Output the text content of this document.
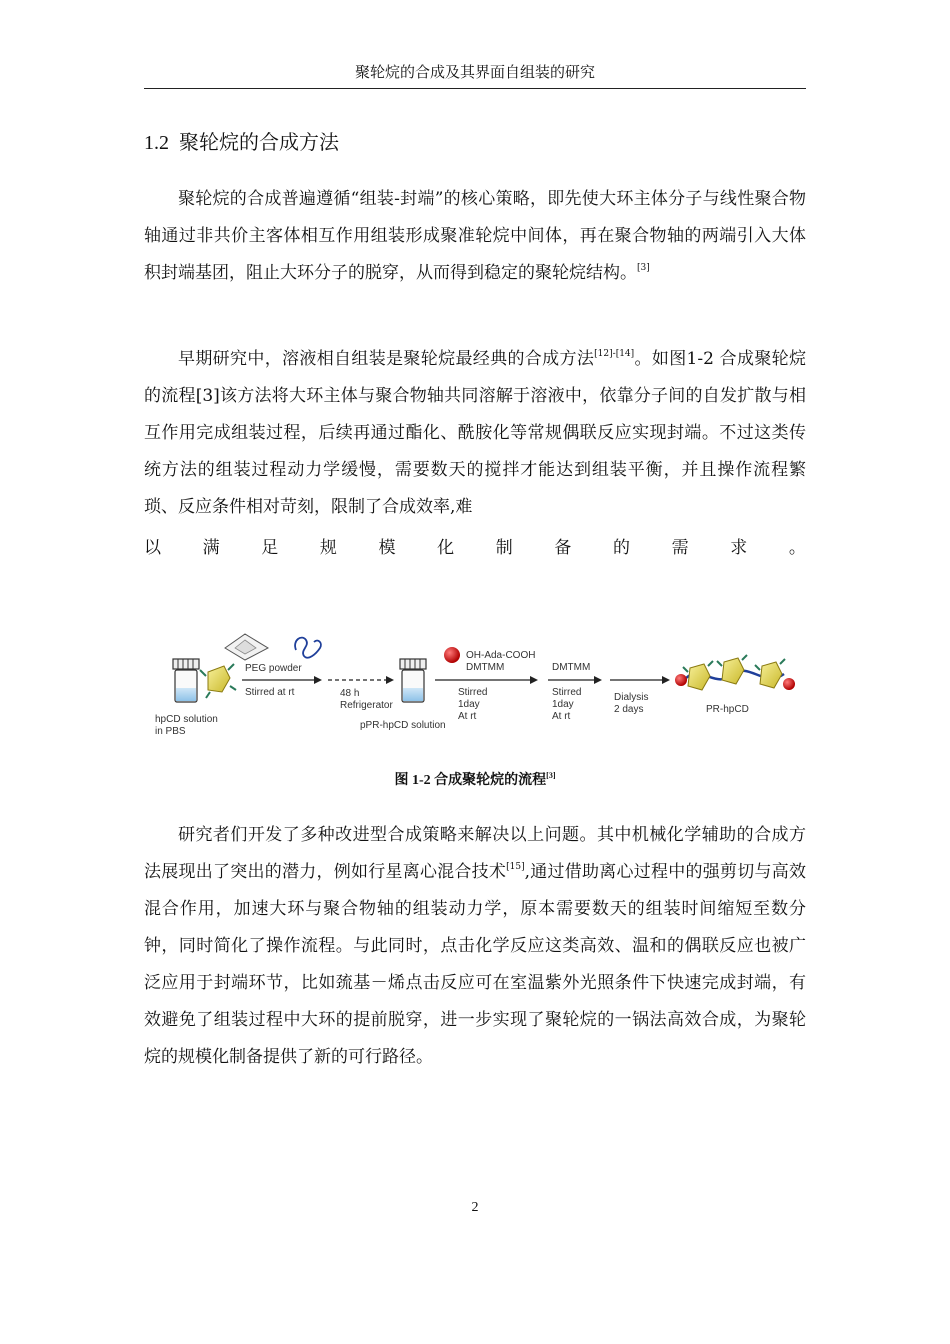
聚轮烷的合成及其界面自组装的研究
1.2 聚轮烷的合成方法

聚轮烷的合成普遍遵循“组装-封端”的核心策略，即先使大环主体分子与线性聚合物轴通过非共价主客体相互作用组装形成聚准轮烷中间体，再在聚合物轴的两端引入大体积封端基团，阻止大环分子的脱穿，从而得到稳定的聚轮烷结构。[3]

早期研究中，溶液相自组装是聚轮烷最经典的合成方法[12]-[14]。如图1-2 合成聚轮烷的流程[3]该方法将大环主体与聚合物轴共同溶解于溶液中，依靠分子间的自发扩散与相互作用完成组装过程，后续再通过酯化、酰胺化等常规偶联反应实现封端。不过这类传统方法的组装过程动力学缓慢，需要数天的搅拌才能达到组装平衡，并且操作流程繁琐、反应条件相对苛刻，限制了合成效率,难

以 满 足 规 模 化 制 备 的 需 求 。
hpCD solution
in PBS
PEG powder
Stirred at rt	48 h
Refrigerator
pPR-hpCD solution
OH-Ada-COOH
DMTMM
Stirred
1day
At rt
DMTMM
Stirred
1day
At rt
Dialysis
2 days	PR-hpCD
图 1-2 合成聚轮烷的流程[3]

研究者们开发了多种改进型合成策略来解决以上问题。其中机械化学辅助的合成方法展现出了突出的潜力，例如行星离心混合技术[15],通过借助离心过程中的强剪切与高效混合作用，加速大环与聚合物轴的组装动力学，原本需要数天的组装时间缩短至数分钟，同时简化了操作流程。与此同时，点击化学反应这类高效、温和的偶联反应也被广泛应用于封端环节，比如巯基－烯点击反应可在室温紫外光照条件下快速完成封端，有效避免了组装过程中大环的提前脱穿，进一步实现了聚轮烷的一锅法高效合成，为聚轮烷的规模化制备提供了新的可行路径。

2
